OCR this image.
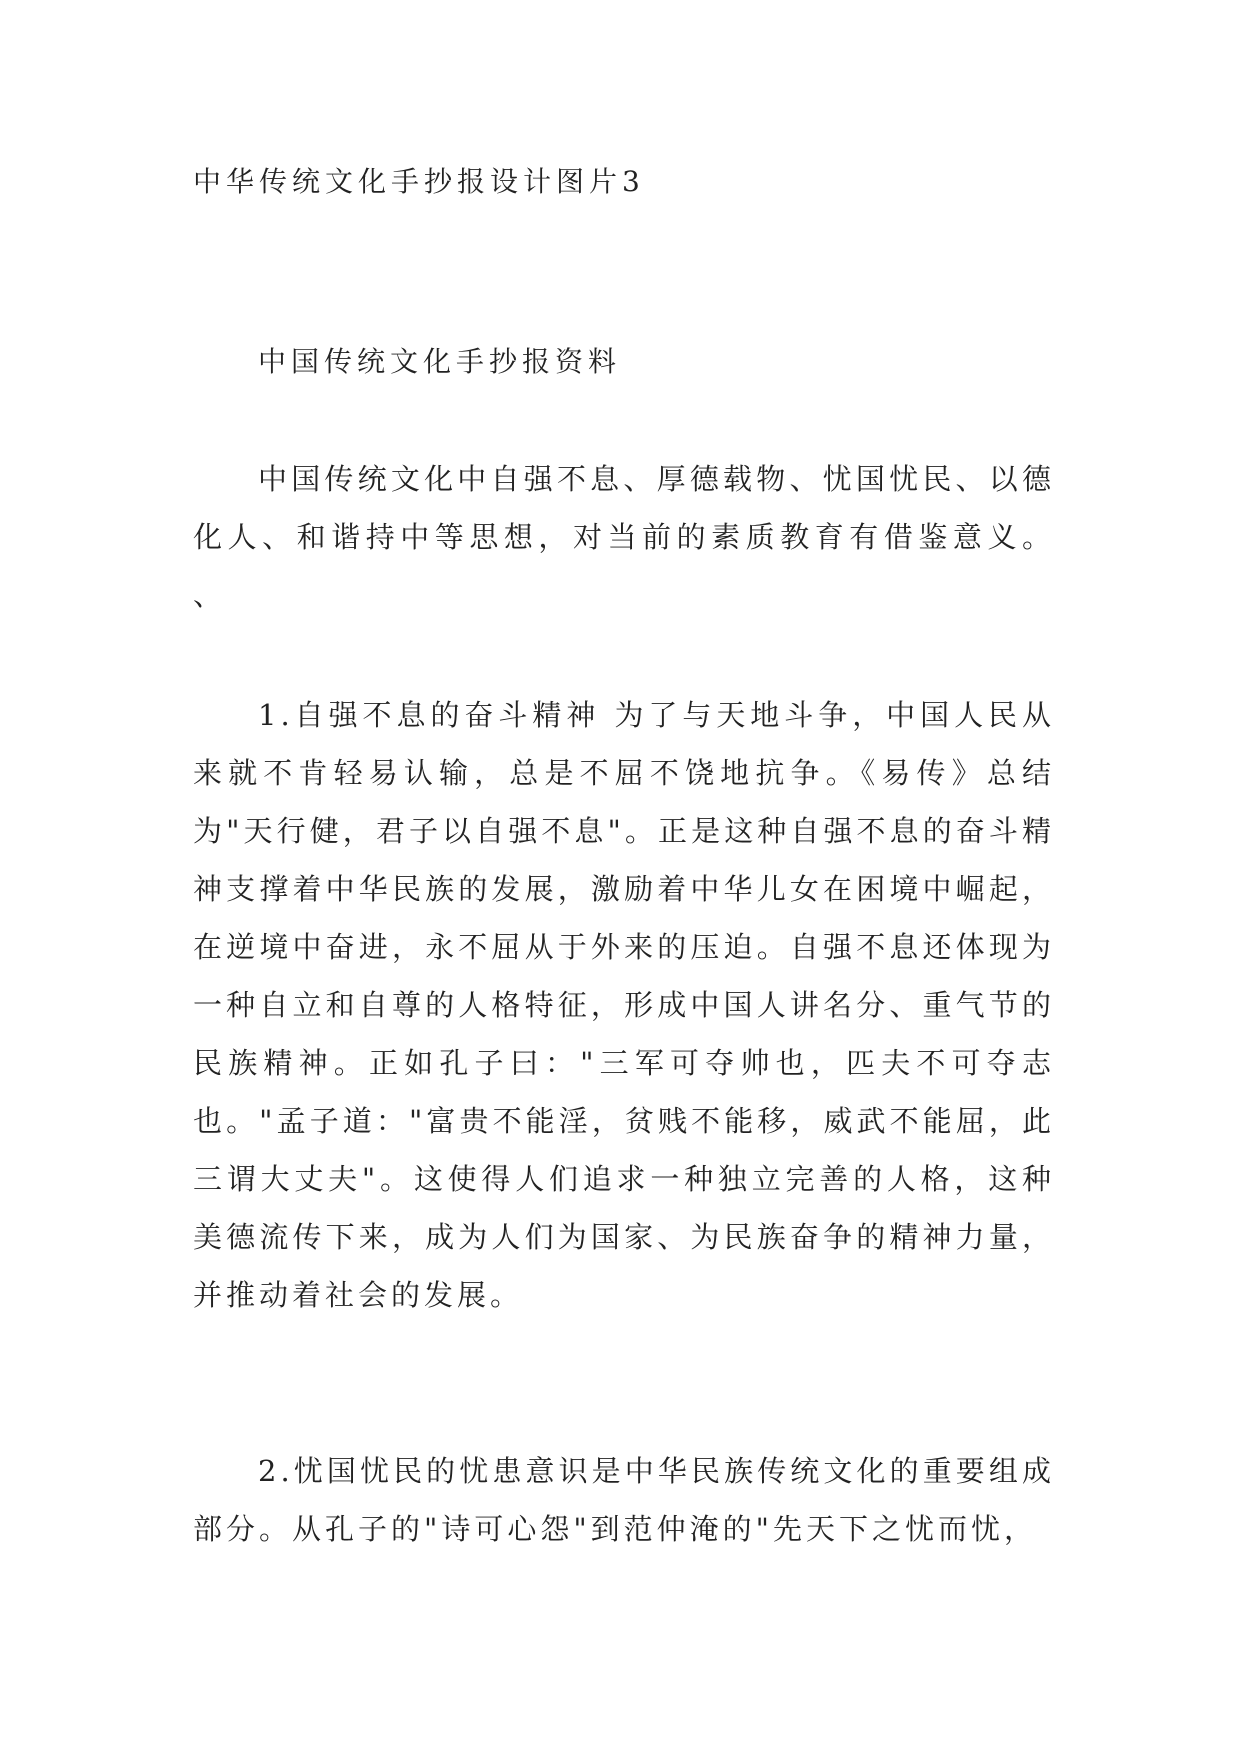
中华传统文化手抄报设计图片3
中国传统文化手抄报资料

中国传统文化中自强不息、厚德载物、忧国忧民、以德化人、和谐持中等思想，对当前的素质教育有借鉴意义。 、

1.自强不息的奋斗精神 为了与天地斗争，中国人民从来就不肯轻易认输，总是不屈不饶地抗争。《易传》总结为"天行健，君子以自强不息"。正是这种自强不息的奋斗精神支撑着中华民族的发展，激励着中华儿女在困境中崛起，在逆境中奋进，永不屈从于外来的压迫。自强不息还体现为一种自立和自尊的人格特征，形成中国人讲名分、重气节的民族精神。正如孔子曰："三军可夺帅也，匹夫不可夺志也。"孟子道："富贵不能淫，贫贱不能移，威武不能屈，此三谓大丈夫"。这使得人们追求一种独立完善的人格，这种美德流传下来，成为人们为国家、为民族奋争的精神力量，并推动着社会的发展。

2.忧国忧民的忧患意识是中华民族传统文化的重要组成部分。从孔子的"诗可心怨"到范仲淹的"先天下之忧而忧，
